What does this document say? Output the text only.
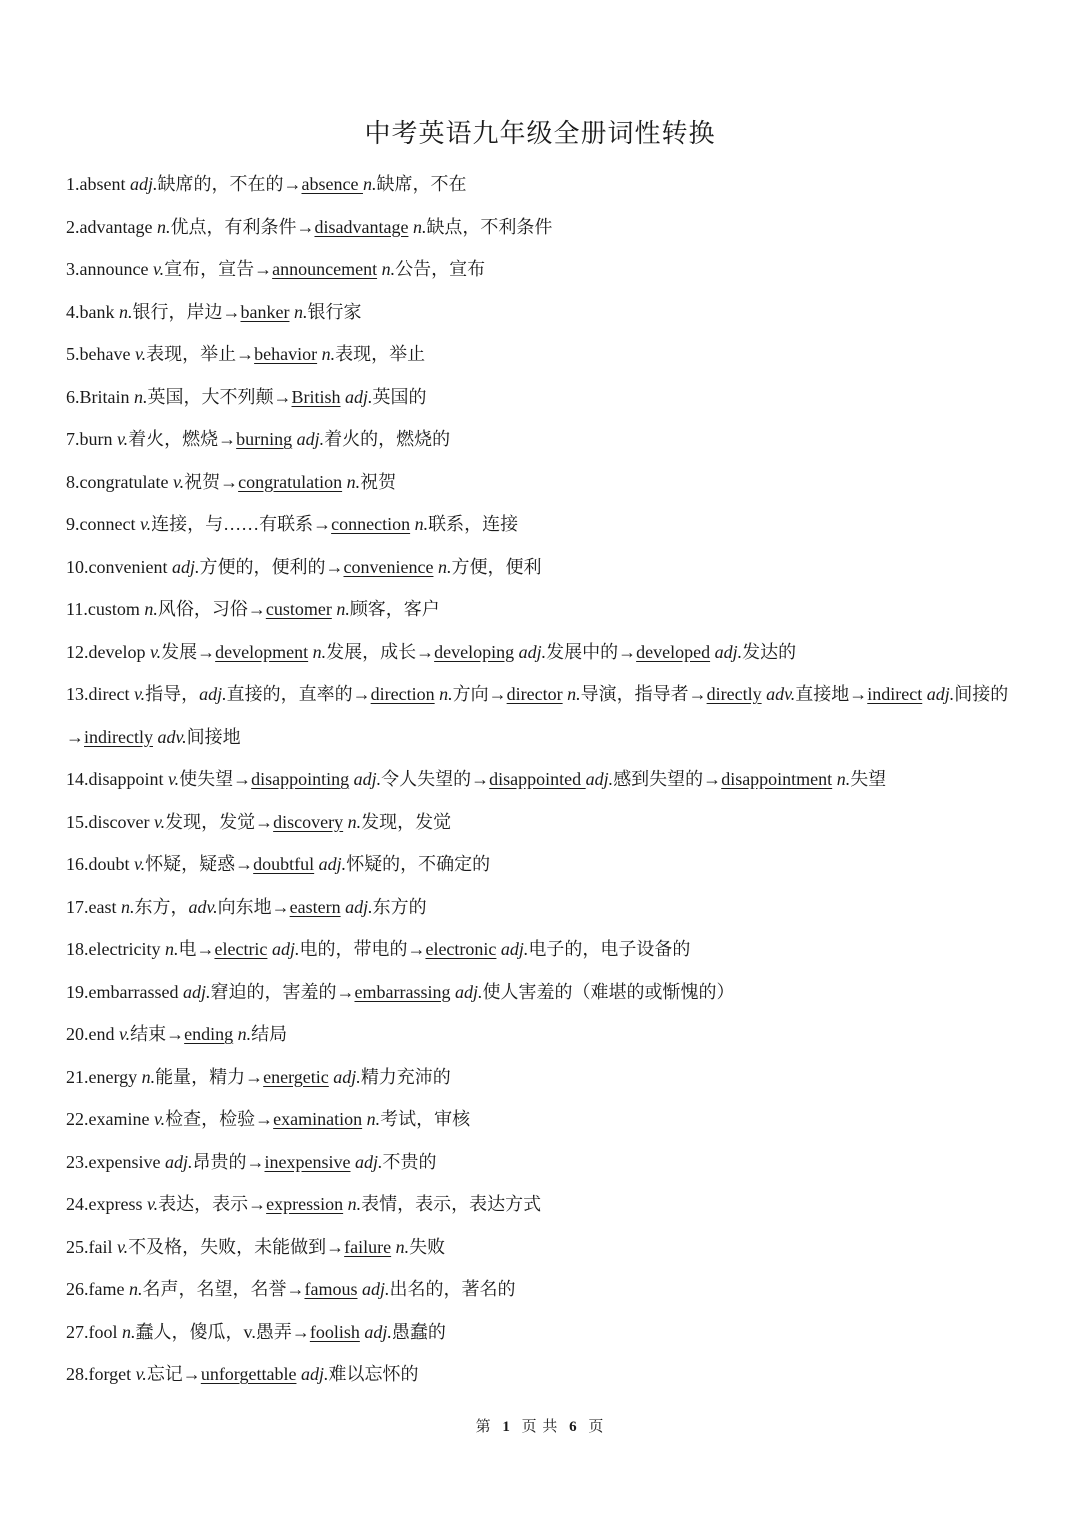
中考英语九年级全册词性转换
1.absent adj.缺席的，不在的→absence n.缺席，不在
2.advantage n.优点，有利条件→disadvantage n.缺点，不利条件
3.announce v.宣布，宣告→announcement n.公告，宣布
4.bank n.银行，岸边→banker n.银行家
5.behave v.表现，举止→behavior n.表现，举止
6.Britain n.英国，大不列颠→British adj.英国的
7.burn v.着火，燃烧→burning adj.着火的，燃烧的
8.congratulate v.祝贺→congratulation n.祝贺
9.connect v.连接，与……有联系→connection n.联系，连接
10.convenient adj.方便的，便利的→convenience n.方便，便利
11.custom n.风俗，习俗→customer n.顾客，客户
12.develop v.发展→development n.发展，成长→developing adj.发展中的→developed adj.发达的
13.direct v.指导，adj.直接的，直率的→direction n.方向→director n.导演，指导者→directly adv.直接地→indirect adj.间接的→indirectly adv.间接地
14.disappoint v.使失望→disappointing adj.令人失望的→disappointed adj.感到失望的→disappointment n.失望
15.discover v.发现，发觉→discovery n.发现，发觉
16.doubt v.怀疑，疑惑→doubtful adj.怀疑的，不确定的
17.east n.东方，adv.向东地→eastern adj.东方的
18.electricity n.电→electric adj.电的，带电的→electronic adj.电子的，电子设备的
19.embarrassed adj.窘迫的，害羞的→embarrassing adj.使人害羞的（难堪的或惭愧的）
20.end v.结束→ending n.结局
21.energy n.能量，精力→energetic adj.精力充沛的
22.examine v.检查，检验→examination n.考试，审核
23.expensive adj.昂贵的→inexpensive adj.不贵的
24.express v.表达，表示→expression n.表情，表示，表达方式
25.fail v.不及格，失败，未能做到→failure n.失败
26.fame n.名声，名望，名誉→famous adj.出名的，著名的
27.fool n.蠢人，傻瓜，v.愚弄→foolish adj.愚蠢的
28.forget v.忘记→unforgettable adj.难以忘怀的
第 1 页 共 6 页
